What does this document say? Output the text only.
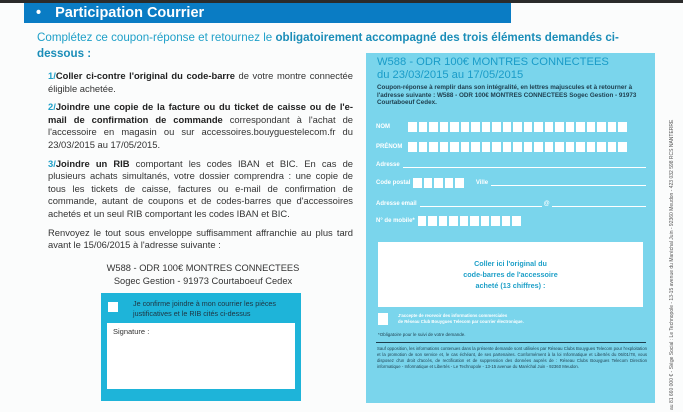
• Participation Courrier
Complétez ce coupon-réponse et retournez le obligatoirement accompagné des trois éléments demandés ci-dessous :

1/Coller ci-contre l'original du code-barre de votre montre connectée éligible achetée.

2/Joindre une copie de la facture ou du ticket de caisse ou de l'e-mail de confirmation de commande correspondant à l'achat de l'accessoire en magasin ou sur accessoires.bouyguestelecom.fr du 23/03/2015 au 17/05/2015.

3/Joindre un RIB comportant les codes IBAN et BIC. En cas de plusieurs achats simultanés, votre dossier comprendra : une copie de tous les tickets de caisse, factures ou e-mail de confirmation de commande, autant de coupons et de codes-barres que d'accessoires achetés et un seul RIB comportant les codes IBAN et BIC.

Renvoyez le tout sous enveloppe suffisamment affranchie au plus tard avant le 15/06/2015 à l'adresse suivante :

W588 - ODR 100€ MONTRES CONNECTEES
Sogec Gestion - 91973 Courtaboeuf Cedex
Je confirme joindre à mon courrier les pièces justificatives et le RIB cités ci-dessus
Signature :
W588 - ODR 100€ MONTRES CONNECTEES
du 23/03/2015 au 17/05/2015
Coupon-réponse à remplir dans son intégralité, en lettres majuscules et à retourner à l'adresse suivante : W588 - ODR 100€ MONTRES CONNECTEES Sogec Gestion - 91973 Courtaboeuf Cedex.
NOM
PRÉNOM
Adresse
Code postal	Ville
Adresse email	@
N° de mobile*
Coller ici l'original du
code-barres de l'accessoire
acheté (13 chiffres) :
J'accepte de recevoir des informations commerciales
de Réseau Club Bouygues Telecom par courrier électronique.
*Obligatoire pour le suivi de votre demande.
Sauf opposition, les informations contenues dans la présente demande sont utilisées par Réseau Clubs Bouygues Telecom pour l'exploitation et la promotion de son service et, le cas échéant, de ses partenaires. Conformément à la loi Informatique et Libertés du 06/01/78, vous disposez d'un droit d'accès, de rectification et de suppression des données auprès de : Réseau Clubs Bouygues Telecom Direction informatique - Informatique et Libertés - Le Technopole - 13-15 avenue du Maréchal Juin - 92360 Meudon.	au 81 660 000 € - Siège Social : Le Technopole - 13-15 avenue du Maréchal Juin - 92360 Meudon - 423 032 598 RCS NANTERRE
